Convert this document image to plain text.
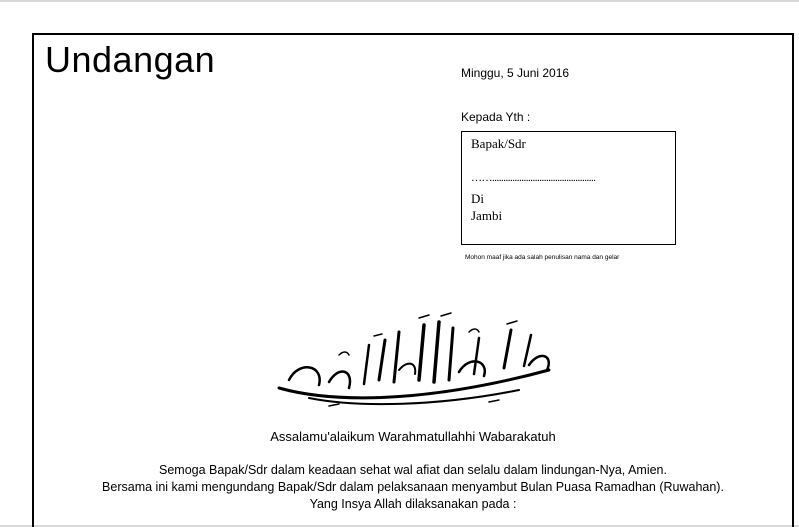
Undangan	Minggu, 5 Juni 2016
Kepada Yth :
Bapak/Sdr
……..............................................
Di
Jambi
Mohon maaf jika ada salah penulisan nama dan gelar
Assalamu'alaikum Warahmatullahhi Wabarakatuh
Semoga Bapak/Sdr dalam keadaan sehat wal afiat dan selalu dalam lindungan-Nya, Amien.
Bersama ini kami mengundang Bapak/Sdr dalam pelaksanaan menyambut Bulan Puasa Ramadhan (Ruwahan).
Yang Insya Allah dilaksanakan pada :
